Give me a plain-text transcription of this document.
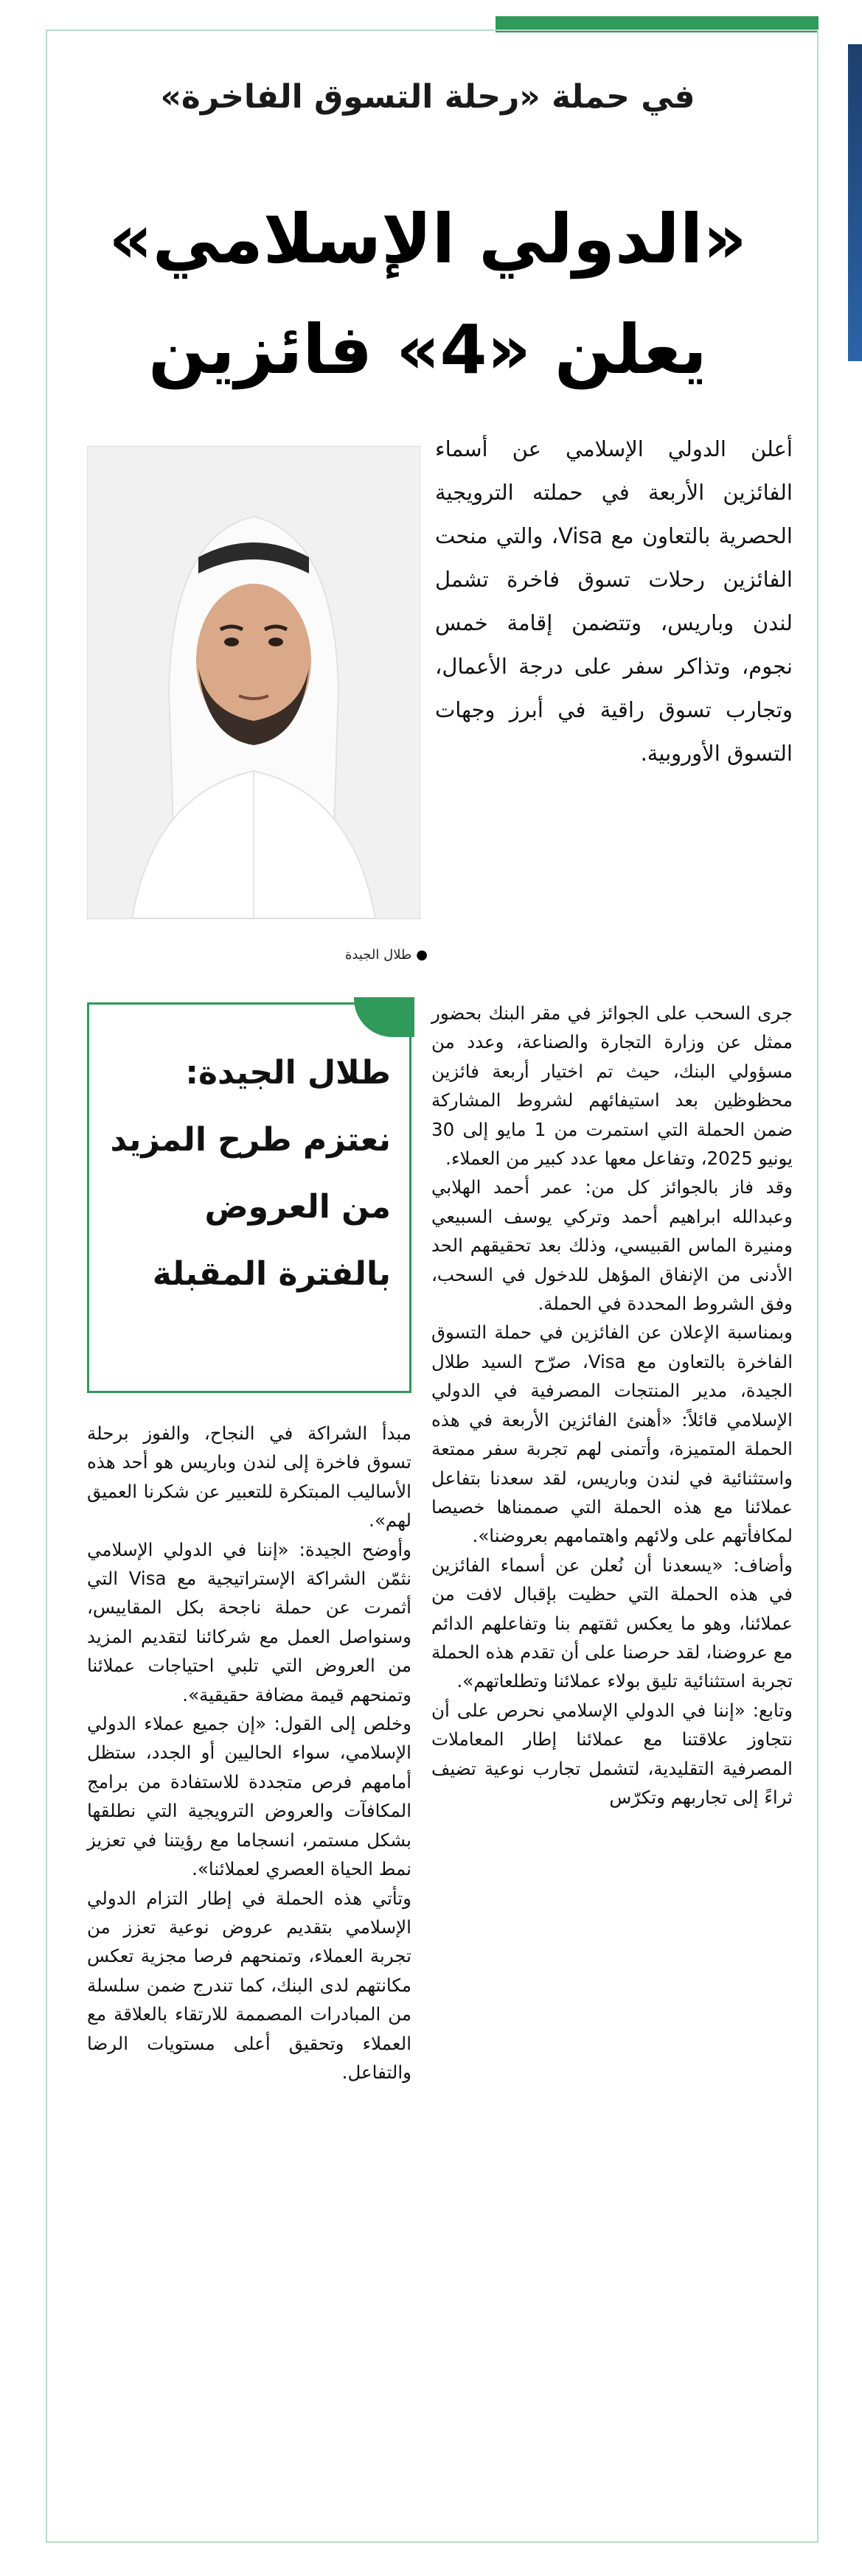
في حملة «رحلة التسوق الفاخرة»
«الدولي الإسلامي»
يعلن «4» فائزين
أعلن الدولي الإسلامي عن أسماء الفائزين الأربعة في حملته الترويجية الحصرية بالتعاون مع Visa، والتي منحت الفائزين رحلات تسوق فاخرة تشمل لندن وباريس، وتتضمن إقامة خمس نجوم، وتذاكر سفر على درجة الأعمال، وتجارب تسوق راقية في أبرز وجهات التسوق الأوروبية.
●طلال الجيدة
طلال الجيدة: نعتزم طرح المزيد من العروض بالفترة المقبلة

جرى السحب على الجوائز في مقر البنك بحضور ممثل عن وزارة التجارة والصناعة، وعدد من مسؤولي البنك، حيث تم اختيار أربعة فائزين محظوظين بعد استيفائهم لشروط المشاركة ضمن الحملة التي استمرت من 1 مايو إلى 30 يونيو 2025، وتفاعل معها عدد كبير من العملاء.

وقد فاز بالجوائز كل من: عمر أحمد الهلابي وعبدالله ابراهيم أحمد وتركي يوسف السبيعي ومنيرة الماس القبيسي، وذلك بعد تحقيقهم الحد الأدنى من الإنفاق المؤهل للدخول في السحب، وفق الشروط المحددة في الحملة.

وبمناسبة الإعلان عن الفائزين في حملة التسوق الفاخرة بالتعاون مع Visa، صرّح السيد طلال الجيدة، مدير المنتجات المصرفية في الدولي الإسلامي قائلاً: «أهنئ الفائزين الأربعة في هذه الحملة المتميزة، وأتمنى لهم تجربة سفر ممتعة واستثنائية في لندن وباريس، لقد سعدنا بتفاعل عملائنا مع هذه الحملة التي صممناها خصيصا لمكافأتهم على ولائهم واهتمامهم بعروضنا».

وأضاف: «يسعدنا أن نُعلن عن أسماء الفائزين في هذه الحملة التي حظيت بإقبال لافت من عملائنا، وهو ما يعكس ثقتهم بنا وتفاعلهم الدائم مع عروضنا، لقد حرصنا على أن تقدم هذه الحملة تجربة استثنائية تليق بولاء عملائنا وتطلعاتهم».

وتابع: «إننا في الدولي الإسلامي نحرص على أن نتجاوز علاقتنا مع عملائنا إطار المعاملات المصرفية التقليدية، لتشمل تجارب نوعية تضيف ثراءً إلى تجاربهم وتكرّس

مبدأ الشراكة في النجاح، والفوز برحلة تسوق فاخرة إلى لندن وباريس هو أحد هذه الأساليب المبتكرة للتعبير عن شكرنا العميق لهم».

وأوضح الجيدة: «إننا في الدولي الإسلامي نثمّن الشراكة الإستراتيجية مع Visa التي أثمرت عن حملة ناجحة بكل المقاييس، وسنواصل العمل مع شركائنا لتقديم المزيد من العروض التي تلبي احتياجات عملائنا وتمنحهم قيمة مضافة حقيقية».

وخلص إلى القول: «إن جميع عملاء الدولي الإسلامي، سواء الحاليين أو الجدد، ستظل أمامهم فرص متجددة للاستفادة من برامج المكافآت والعروض الترويجية التي نطلقها بشكل مستمر، انسجاما مع رؤيتنا في تعزيز نمط الحياة العصري لعملائنا».

وتأتي هذه الحملة في إطار التزام الدولي الإسلامي بتقديم عروض نوعية تعزز من تجربة العملاء، وتمنحهم فرصا مجزية تعكس مكانتهم لدى البنك، كما تندرج ضمن سلسلة من المبادرات المصممة للارتقاء بالعلاقة مع العملاء وتحقيق أعلى مستويات الرضا والتفاعل.
